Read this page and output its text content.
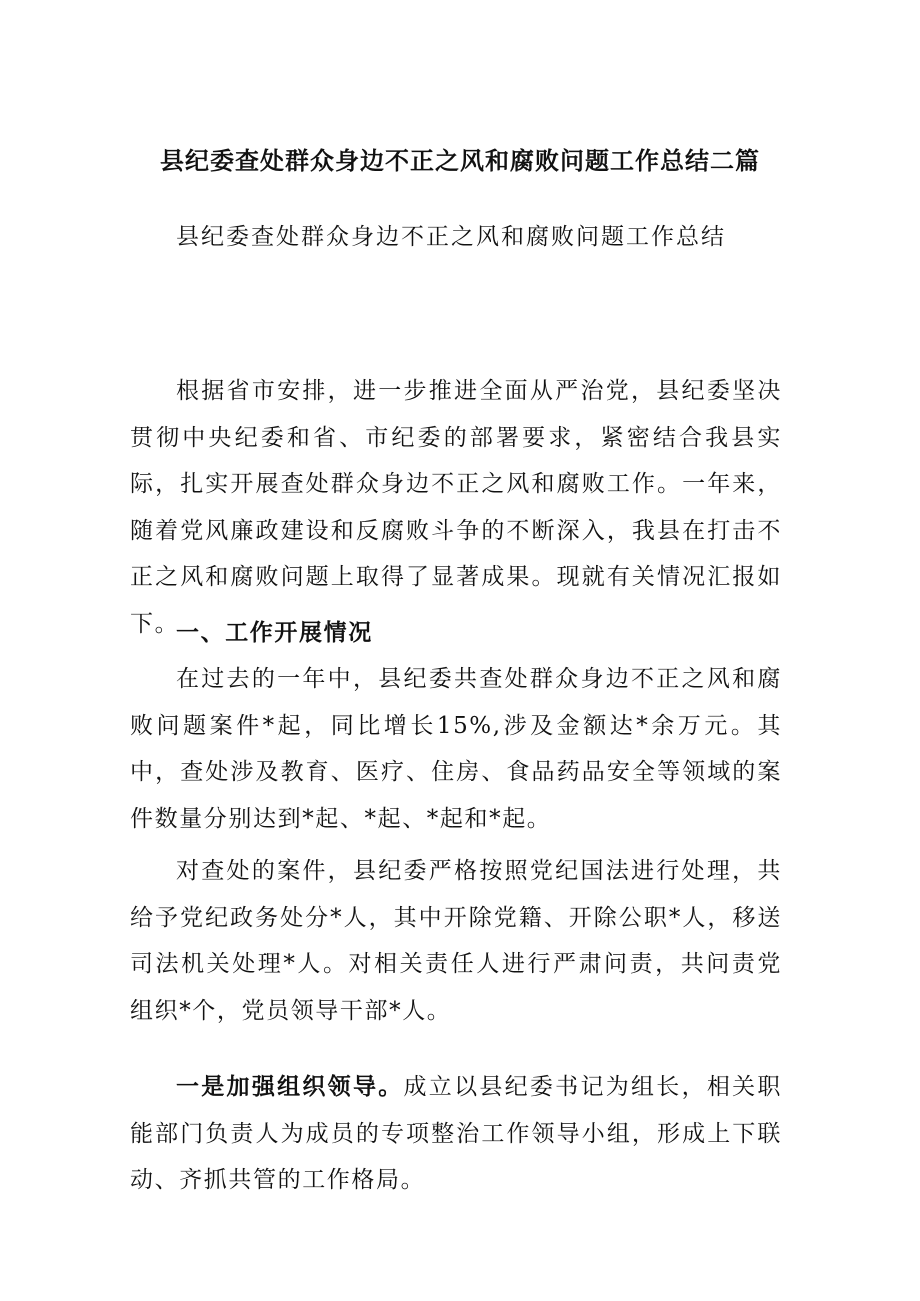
县纪委查处群众身边不正之风和腐败问题工作总结二篇
县纪委查处群众身边不正之风和腐败问题工作总结

根据省市安排，进一步推进全面从严治党，县纪委坚决贯彻中央纪委和省、市纪委的部署要求，紧密结合我县实际，扎实开展查处群众身边不正之风和腐败工作。一年来，随着党风廉政建设和反腐败斗争的不断深入，我县在打击不正之风和腐败问题上取得了显著成果。现就有关情况汇报如下。

一、工作开展情况

在过去的一年中，县纪委共查处群众身边不正之风和腐败问题案件*起，同比增长15%,涉及金额达*余万元。其中，查处涉及教育、医疗、住房、食品药品安全等领域的案件数量分别达到*起、*起、*起和*起。

对查处的案件，县纪委严格按照党纪国法进行处理，共给予党纪政务处分*人，其中开除党籍、开除公职*人，移送司法机关处理*人。对相关责任人进行严肃问责，共问责党组织*个，党员领导干部*人。

一是加强组织领导。成立以县纪委书记为组长，相关职能部门负责人为成员的专项整治工作领导小组，形成上下联动、齐抓共管的工作格局。
